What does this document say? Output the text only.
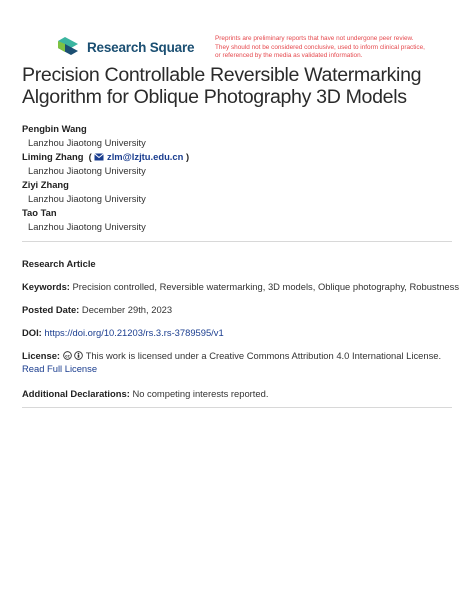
Research Square
Preprints are preliminary reports that have not undergone peer review.
They should not be considered conclusive, used to inform clinical practice,
or referenced by the media as validated information.
Precision Controllable Reversible Watermarking
Algorithm for Oblique Photography 3D Models
Pengbin Wang
Lanzhou Jiaotong University
Liming Zhang  ( zlm@lzjtu.edu.cn )
Lanzhou Jiaotong University
Ziyi Zhang
Lanzhou Jiaotong University
Tao Tan
Lanzhou Jiaotong University
Research Article
Keywords: Precision controlled, Reversible watermarking, 3D models, Oblique photography, Robustness
Posted Date: December 29th, 2023
DOI: https://doi.org/10.21203/rs.3.rs-3789595/v1
License: cc This work is licensed under a Creative Commons Attribution 4.0 International License.
Read Full License
Additional Declarations: No competing interests reported.
